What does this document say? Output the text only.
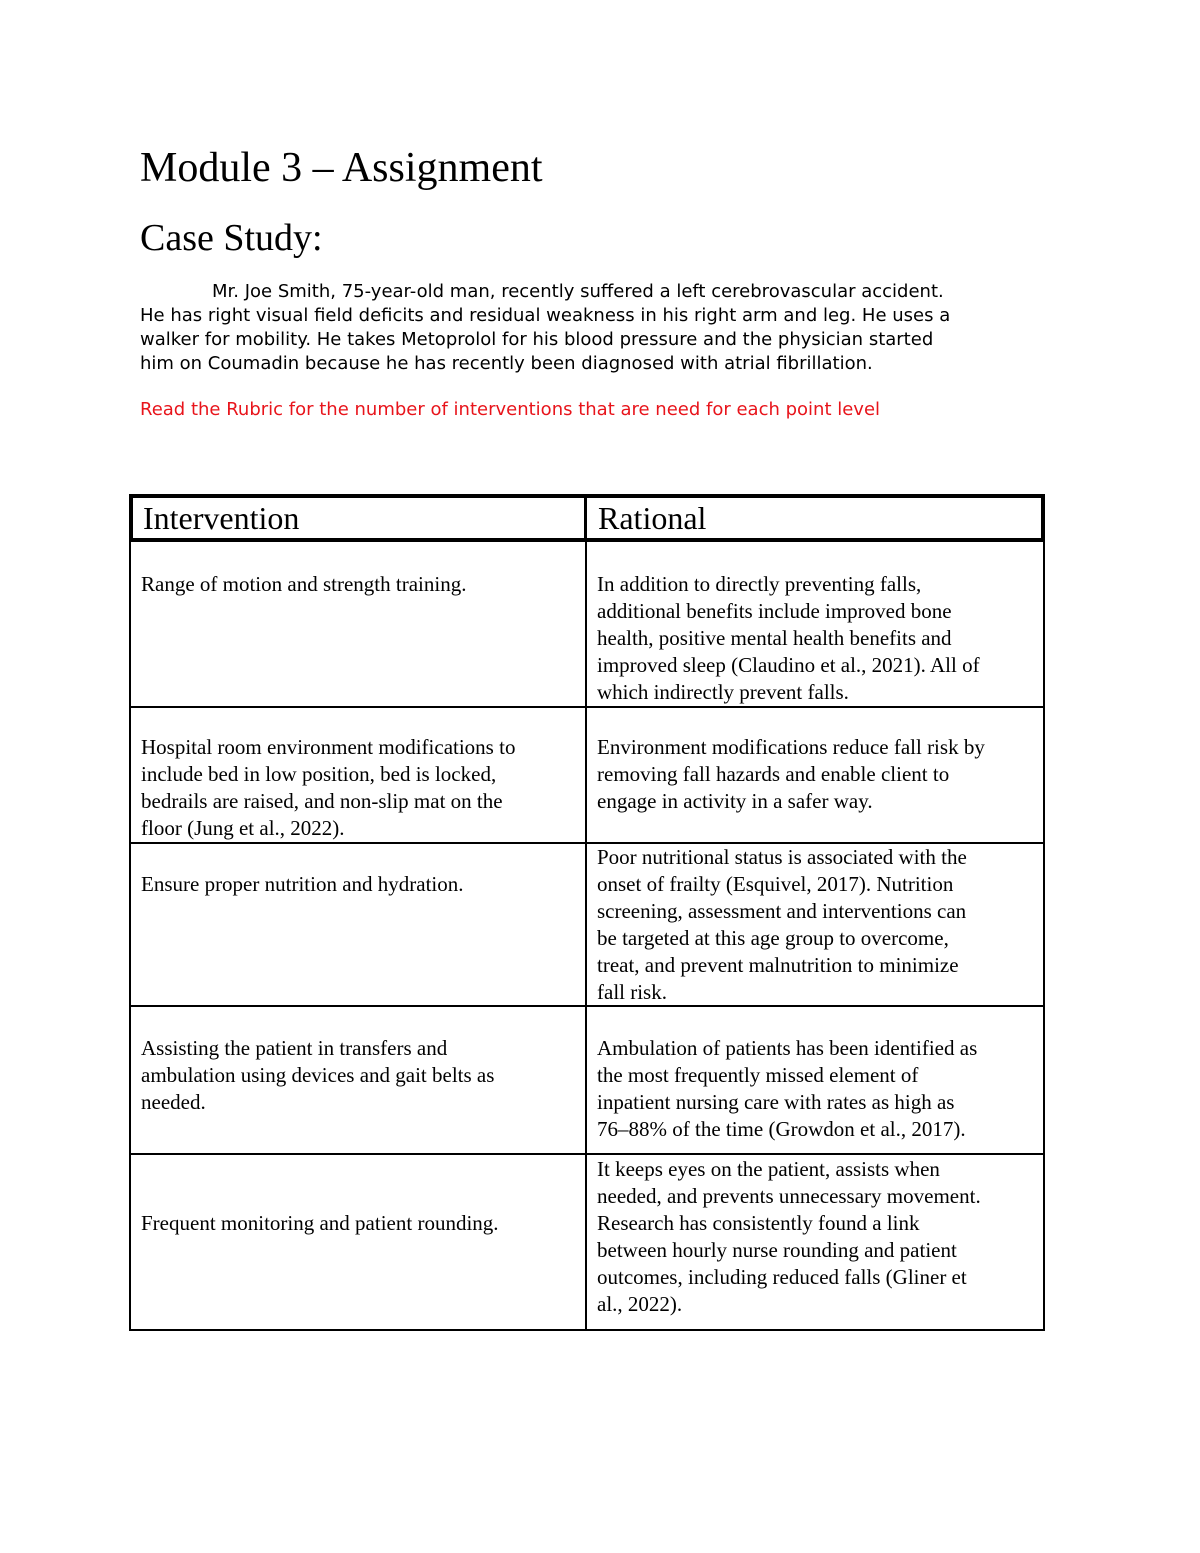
Module 3 – Assignment
Case Study:

Mr. Joe Smith, 75-year-old man, recently suffered a left cerebrovascular accident.
He has right visual field deficits and residual weakness in his right arm and leg. He uses a
walker for mobility. He takes Metoprolol for his blood pressure and the physician started
him on Coumadin because he has recently been diagnosed with atrial fibrillation.

Read the Rubric for the number of interventions that are need for each point level

Intervention	Rational
Range of motion and strength training.	In addition to directly preventing falls,
additional benefits include improved bone
health, positive mental health benefits and
improved sleep (Claudino et al., 2021). All of
which indirectly prevent falls.
Hospital room environment modifications to
include bed in low position, bed is locked,
bedrails are raised, and non-slip mat on the
floor (Jung et al., 2022).
Environment modifications reduce fall risk by
removing fall hazards and enable client to
engage in activity in a safer way.
Ensure proper nutrition and hydration.
Poor nutritional status is associated with the
onset of frailty (Esquivel, 2017). Nutrition
screening, assessment and interventions can
be targeted at this age group to overcome,
treat, and prevent malnutrition to minimize
fall risk.
Assisting the patient in transfers and
ambulation using devices and gait belts as
needed.
Ambulation of patients has been identified as
the most frequently missed element of
inpatient nursing care with rates as high as
76–88% of the time (Growdon et al., 2017).
Frequent monitoring and patient rounding.
It keeps eyes on the patient, assists when
needed, and prevents unnecessary movement.
Research has consistently found a link
between hourly nurse rounding and patient
outcomes, including reduced falls (Gliner et
al., 2022).
